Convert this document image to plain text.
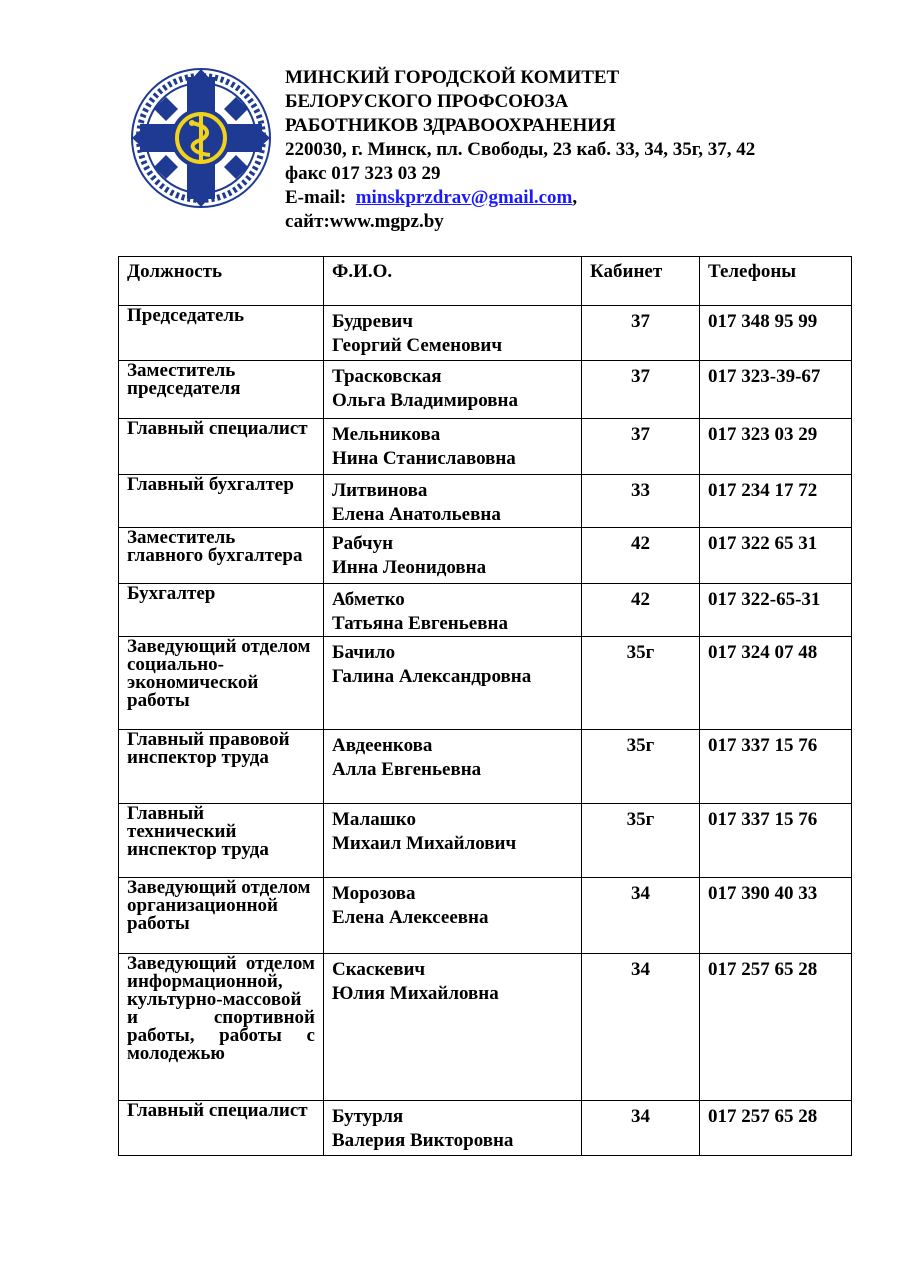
МИНСКИЙ ГОРОДСКОЙ КОМИТЕТ
БЕЛОРУСКОГО ПРОФСОЮЗА
РАБОТНИКОВ ЗДРАВООХРАНЕНИЯ
220030, г. Минск, пл. Свободы, 23 каб. 33, 34, 35г, 37, 42
факс 017 323 03 29
E-mail: minskprzdrav@gmail.com,
сайт:www.mgpz.by
Должность	Ф.И.О.	Кабинет	Телефоны

Председатель	Будревич
Георгий Семенович	37	017 348 95 99

Заместитель председателя	Трасковская
Ольга Владимировна	37	017 323-39-67

Главный специалист	Мельникова
Нина Станиславовна	37	017 323 03 29

Главный бухгалтер	Литвинова
Елена Анатольевна	33	017 234 17 72

Заместитель главного бухгалтера	Рабчун
Инна Леонидовна	42	017 322 65 31

Бухгалтер	Абметко
Татьяна Евгеньевна	42	017 322-65-31

Заведующий отделом социально-экономической работы	Бачило
Галина Александровна	35г	017 324 07 48

Главный правовой инспектор труда	Авдеенкова
Алла Евгеньевна	35г	017 337 15 76

Главный технический инспектор труда	Малашко
Михаил Михайлович	35г	017 337 15 76

Заведующий отделом организационной работы	Морозова
Елена Алексеевна	34	017 390 40 33

Заведующий отделом информационной, культурно-массовой и спортивной работы, работы с молодежью	Скаскевич
Юлия Михайловна	34	017 257 65 28

Главный специалист	Бутурля
Валерия Викторовна	34	017 257 65 28
